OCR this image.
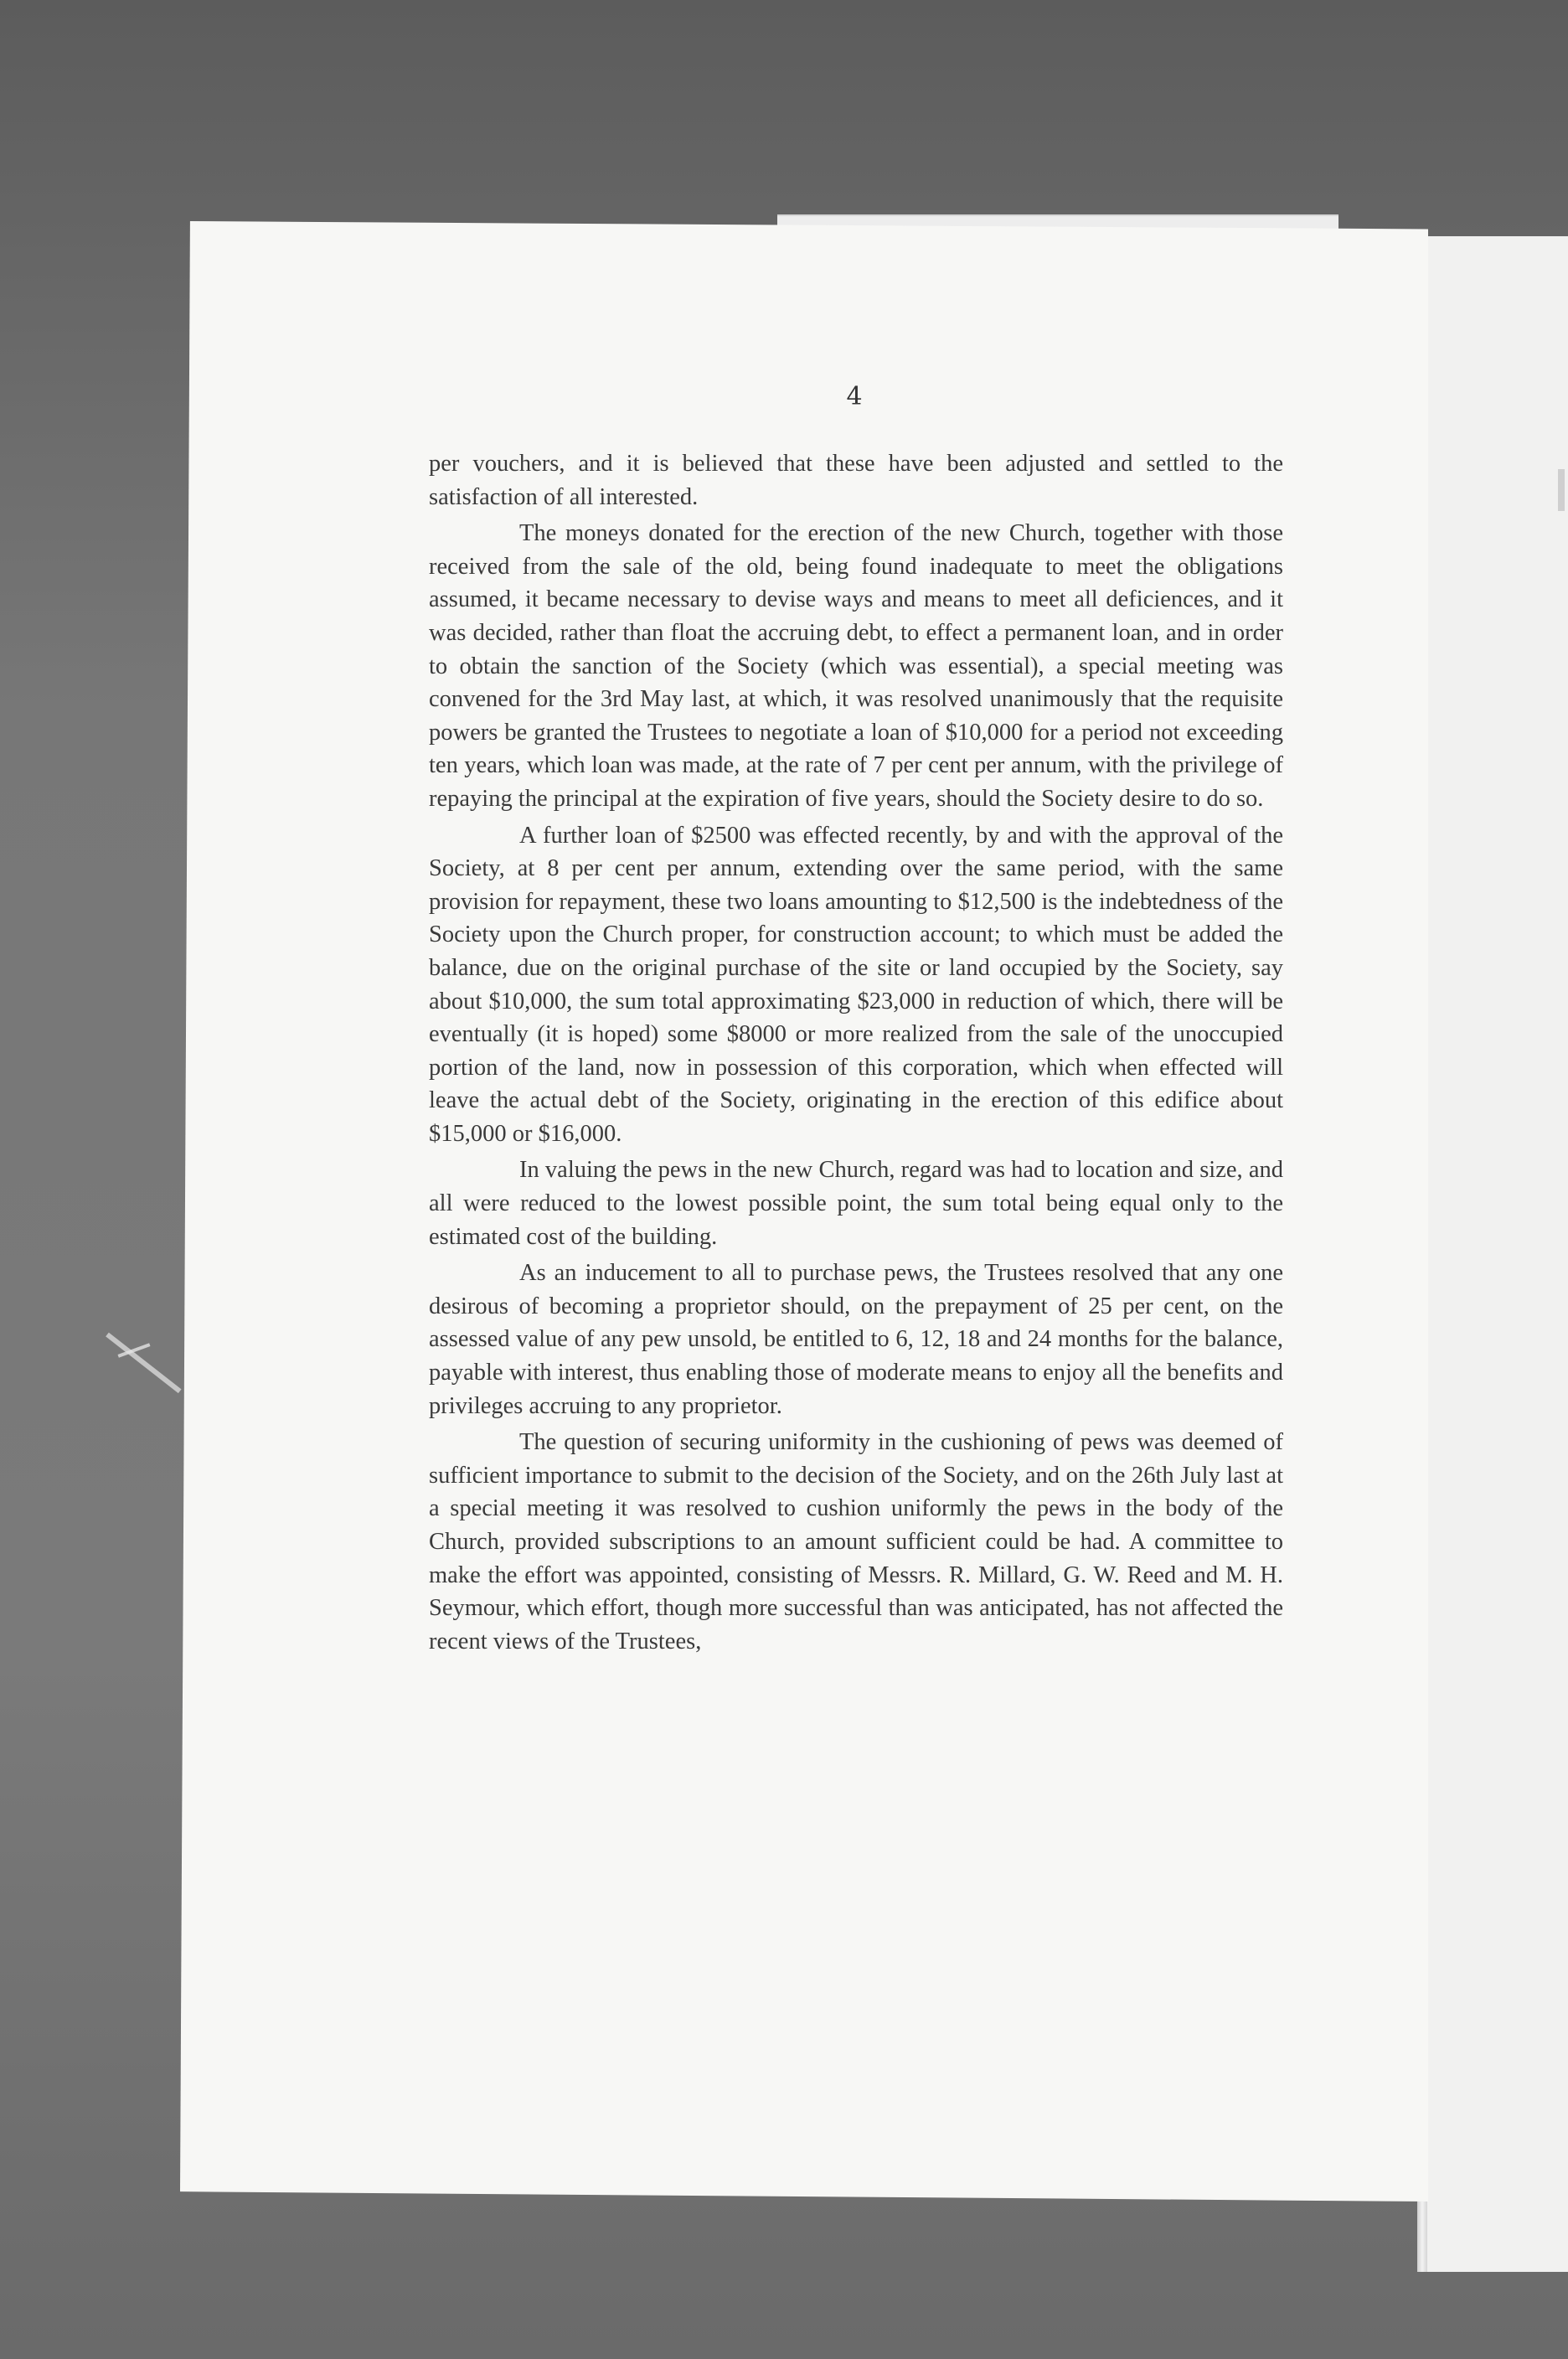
4

per vouchers, and it is believed that these have been adjusted and settled to the satisfaction of all interested.

The moneys donated for the erection of the new Church, together with those received from the sale of the old, being found inadequate to meet the obligations assumed, it became necessary to devise ways and means to meet all deficiences, and it was decided, rather than float the accruing debt, to effect a permanent loan, and in order to obtain the sanction of the Society (which was essential), a special meeting was convened for the 3rd May last, at which, it was resolved unanimously that the requisite powers be granted the Trustees to negotiate a loan of $10,000 for a period not exceeding ten years, which loan was made, at the rate of 7 per cent per annum, with the privilege of repaying the principal at the expiration of five years, should the Society desire to do so.

A further loan of $2500 was effected recently, by and with the approval of the Society, at 8 per cent per annum, extending over the same period, with the same provision for repayment, these two loans amounting to $12,500 is the indebtedness of the Society upon the Church proper, for construction account; to which must be added the balance, due on the original purchase of the site or land occupied by the Society, say about $10,000, the sum total approximating $23,000 in reduction of which, there will be eventually (it is hoped) some $8000 or more realized from the sale of the unoccupied portion of the land, now in possession of this corporation, which when effected will leave the actual debt of the Society, originating in the erection of this edifice about $15,000 or $16,000.

In valuing the pews in the new Church, regard was had to location and size, and all were reduced to the lowest possible point, the sum total being equal only to the estimated cost of the building.

As an inducement to all to purchase pews, the Trustees resolved that any one desirous of becoming a proprietor should, on the prepayment of 25 per cent, on the assessed value of any pew unsold, be entitled to 6, 12, 18 and 24 months for the balance, payable with interest, thus enabling those of moderate means to enjoy all the benefits and privileges accruing to any proprietor.

The question of securing uniformity in the cushioning of pews was deemed of sufficient importance to submit to the decision of the Society, and on the 26th July last at a special meeting it was resolved to cushion uniformly the pews in the body of the Church, provided subscriptions to an amount sufficient could be had. A committee to make the effort was appointed, consisting of Messrs. R. Millard, G. W. Reed and M. H. Seymour, which effort, though more successful than was anticipated, has not affected the recent views of the Trustees,
